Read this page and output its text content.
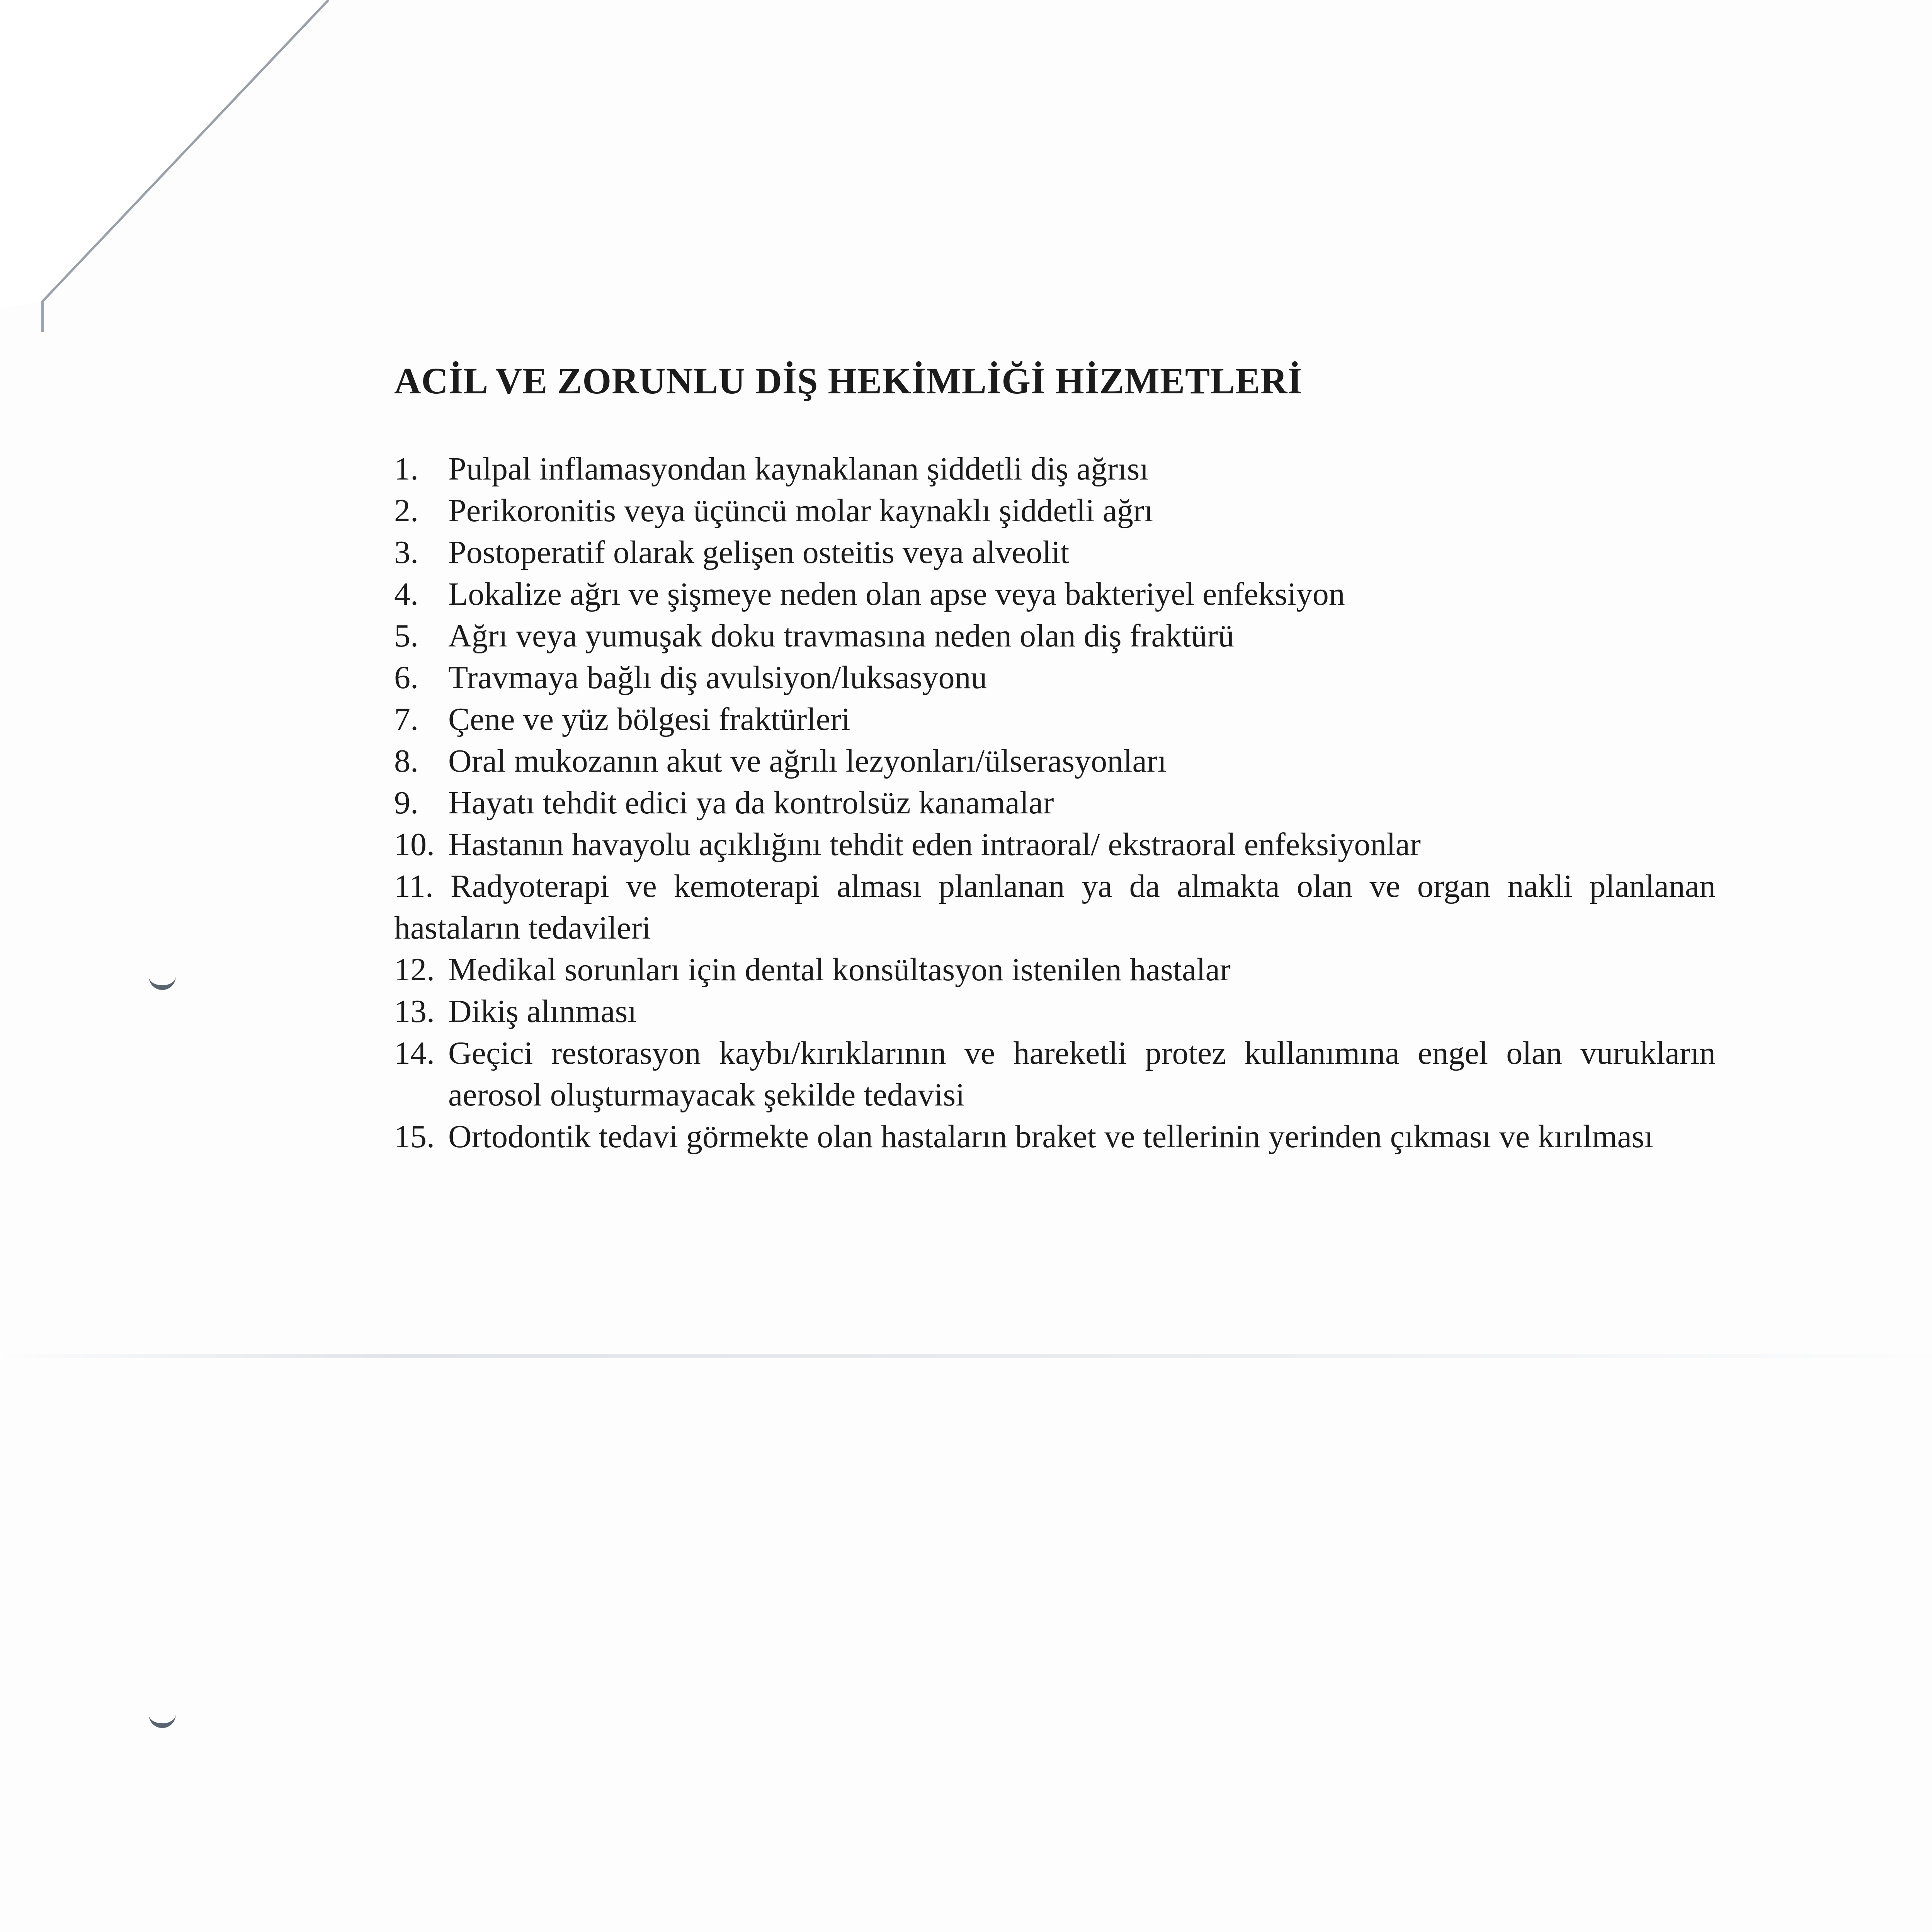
ACİL VE ZORUNLU DİŞ HEKİMLİĞİ HİZMETLERİ
1. Pulpal inflamasyondan kaynaklanan şiddetli diş ağrısı
2. Perikoronitis veya üçüncü molar kaynaklı şiddetli ağrı
3. Postoperatif olarak gelişen osteitis veya alveolit
4. Lokalize ağrı ve şişmeye neden olan apse veya bakteriyel enfeksiyon
5. Ağrı veya yumuşak doku travmasına neden olan diş fraktürü
6. Travmaya bağlı diş avulsiyon/luksasyonu
7. Çene ve yüz bölgesi fraktürleri
8. Oral mukozanın akut ve ağrılı lezyonları/ülserasyonları
9. Hayatı tehdit edici ya da kontrolsüz kanamalar
10. Hastanın havayolu açıklığını tehdit eden intraoral/ ekstraoral enfeksiyonlar
11. Radyoterapi ve kemoterapi alması planlanan ya da almakta olan ve organ nakli planlanan hastaların tedavileri
12. Medikal sorunları için dental konsültasyon istenilen hastalar
13. Dikiş alınması
14. Geçici restorasyon kaybı/kırıklarının ve hareketli protez kullanımına engel olan vurukların aerosol oluşturmayacak şekilde tedavisi
15. Ortodontik tedavi görmekte olan hastaların braket ve tellerinin yerinden çıkması ve kırılması
